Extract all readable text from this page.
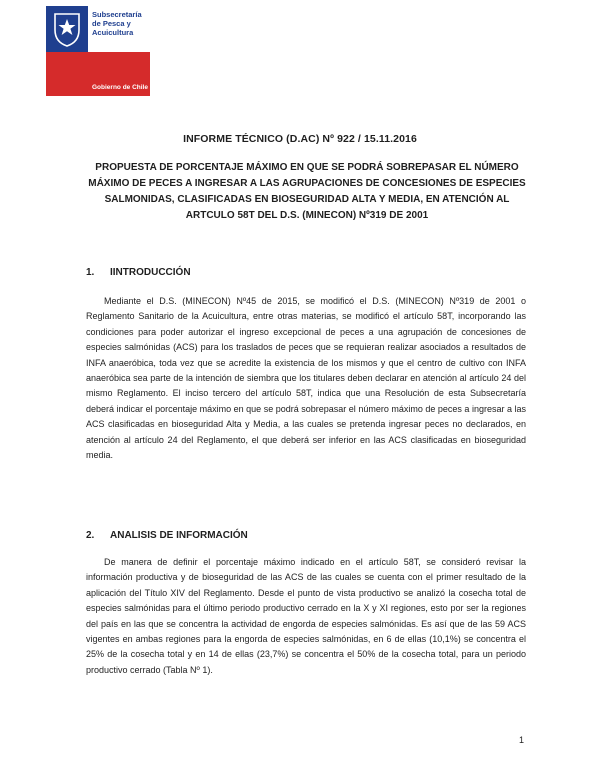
Subsecretaría de Pesca y Acuicultura
Gobierno de Chile
INFORME TÉCNICO (D.AC) Nº 922 / 15.11.2016
PROPUESTA DE PORCENTAJE MÁXIMO EN QUE SE PODRÁ SOBREPASAR EL NÚMERO MÁXIMO DE PECES A INGRESAR A LAS AGRUPACIONES DE CONCESIONES DE ESPECIES SALMONIDAS, CLASIFICADAS EN BIOSEGURIDAD ALTA Y MEDIA, EN ATENCIÓN AL ARTCULO 58T DEL D.S. (MINECON) Nº319 DE 2001
1. IINTRODUCCIÓN

Mediante el D.S. (MINECON) Nº45 de 2015, se modificó el D.S. (MINECON) Nº319 de 2001 o Reglamento Sanitario de la Acuicultura, entre otras materias, se modificó el artículo 58T, incorporando las condiciones para poder autorizar el ingreso excepcional de peces a una agrupación de concesiones de especies salmónidas (ACS) para los traslados de peces que se requieran realizar asociados a resultados de INFA anaeróbica, toda vez que se acredite la existencia de los mismos y que el centro de cultivo con INFA anaeróbica sea parte de la intención de siembra que los titulares deben declarar en atención al artículo 24 del mismo Reglamento. El inciso tercero del artículo 58T, indica que una Resolución de esta Subsecretaría deberá indicar el porcentaje máximo en que se podrá sobrepasar el número máximo de peces a ingresar a las ACS clasificadas en bioseguridad Alta y Media, a las cuales se pretenda ingresar peces no declarados, en atención al artículo 24 del Reglamento, el que deberá ser inferior en las ACS clasificadas en bioseguridad media.

2. ANALISIS DE INFORMACIÓN

De manera de definir el porcentaje máximo indicado en el artículo 58T, se consideró revisar la información productiva y de bioseguridad de las ACS de las cuales se cuenta con el primer resultado de la aplicación del Título XIV del Reglamento. Desde el punto de vista productivo se analizó la cosecha total de especies salmónidas para el último periodo productivo cerrado en la X y XI regiones, esto por ser la regiones del país en las que se concentra la actividad de engorda de especies salmónidas. Es así que de las 59 ACS vigentes en ambas regiones para la engorda de especies salmónidas, en 6 de ellas (10,1%) se concentra el 25% de la cosecha total y en 14 de ellas (23,7%) se concentra el 50% de la cosecha total, para un periodo productivo cerrado (Tabla Nº 1).

1
